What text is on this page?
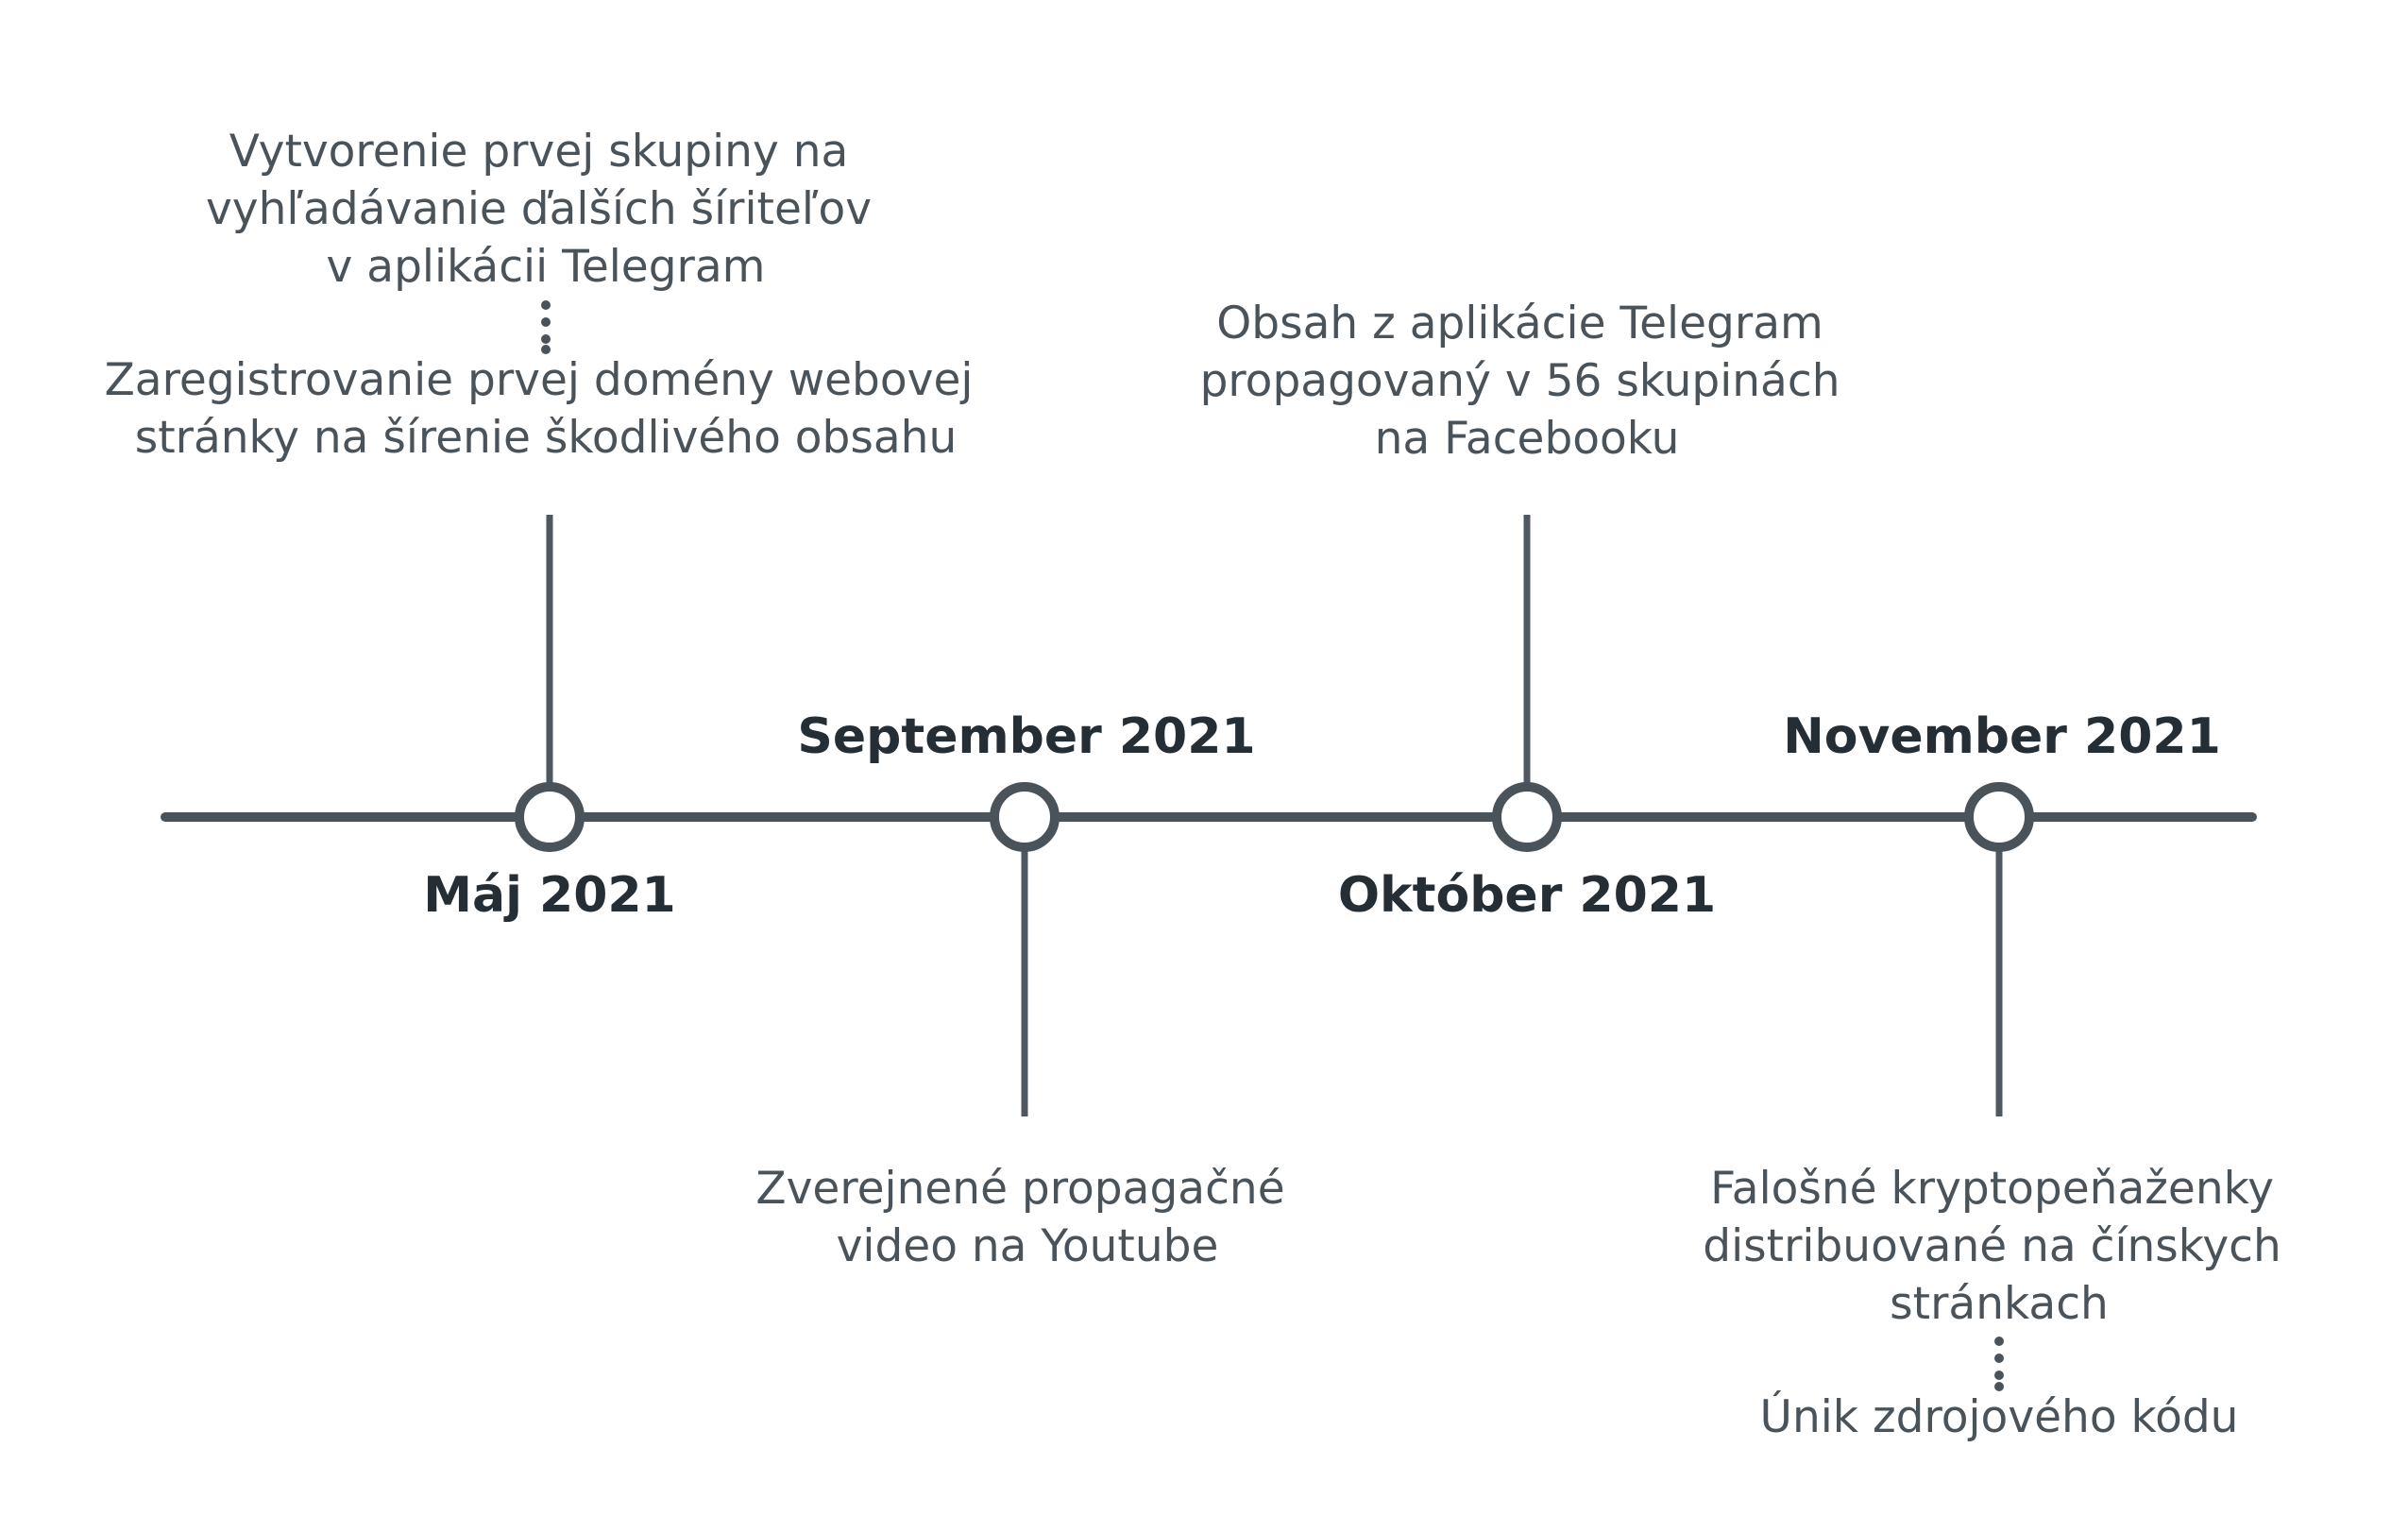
Máj 2021
Vytvorenie prvej skupiny na vyhľadávanie ďalších šíriteľov v aplikácii Telegram
Zaregistrovanie prvej domény webovej stránky na šírenie škodlivého obsahu
September 2021
Zverejnené propagačné video na Youtube
Október 2021
Obsah z aplikácie Telegram propagovaný v 56 skupinách na Facebooku
November 2021
Falošné kryptopeňaženky distribuované na čínskych stránkach
Únik zdrojového kódu
